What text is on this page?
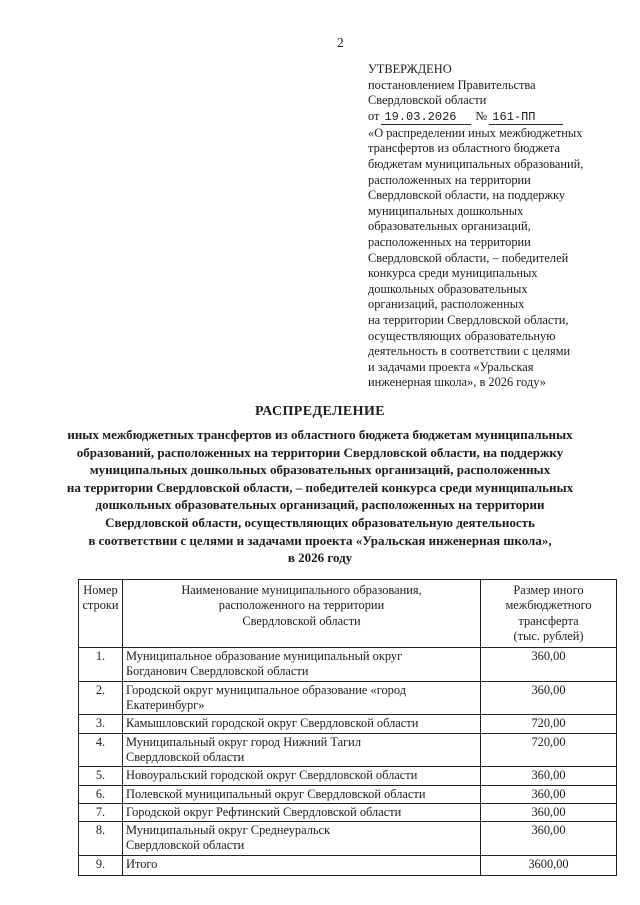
2
УТВЕРЖДЕНО
постановлением Правительства
Свердловской области
от 19.03.2026 № 161-ПП
«О распределении иных межбюджетных
трансфертов из областного бюджета
бюджетам муниципальных образований,
расположенных на территории
Свердловской области, на поддержку
муниципальных дошкольных
образовательных организаций,
расположенных на территории
Свердловской области, – победителей
конкурса среди муниципальных
дошкольных образовательных
организаций, расположенных
на территории Свердловской области,
осуществляющих образовательную
деятельность в соответствии с целями
и задачами проекта «Уральская
инженерная школа», в 2026 году»
РАСПРЕДЕЛЕНИЕ
иных межбюджетных трансфертов из областного бюджета бюджетам муниципальных
образований, расположенных на территории Свердловской области, на поддержку
муниципальных дошкольных образовательных организаций, расположенных
на территории Свердловской области, – победителей конкурса среди муниципальных
дошкольных образовательных организаций, расположенных на территории
Свердловской области, осуществляющих образовательную деятельность
в соответствии с целями и задачами проекта «Уральская инженерная школа»,
в 2026 году
Номер
строки

Наименование муниципального образования,
расположенного на территории
Свердловской области

Размер иного
межбюджетного
трансферта
(тыс. рублей)

1.	Муниципальное образование муниципальный округ
Богданович Свердловской области	360,00
2.	Городской округ муниципальное образование «город
Екатеринбург»	360,00
3.	Камышловский городской округ Свердловской области	720,00
4.	Муниципальный округ город Нижний Тагил
Свердловской области	720,00
5.	Новоуральский городской округ Свердловской области	360,00
6.	Полевской муниципальный округ Свердловской области	360,00
7.	Городской округ Рефтинский Свердловской области	360,00
8.	Муниципальный округ Среднеуральск
Свердловской области	360,00
9.	Итого	3600,00
